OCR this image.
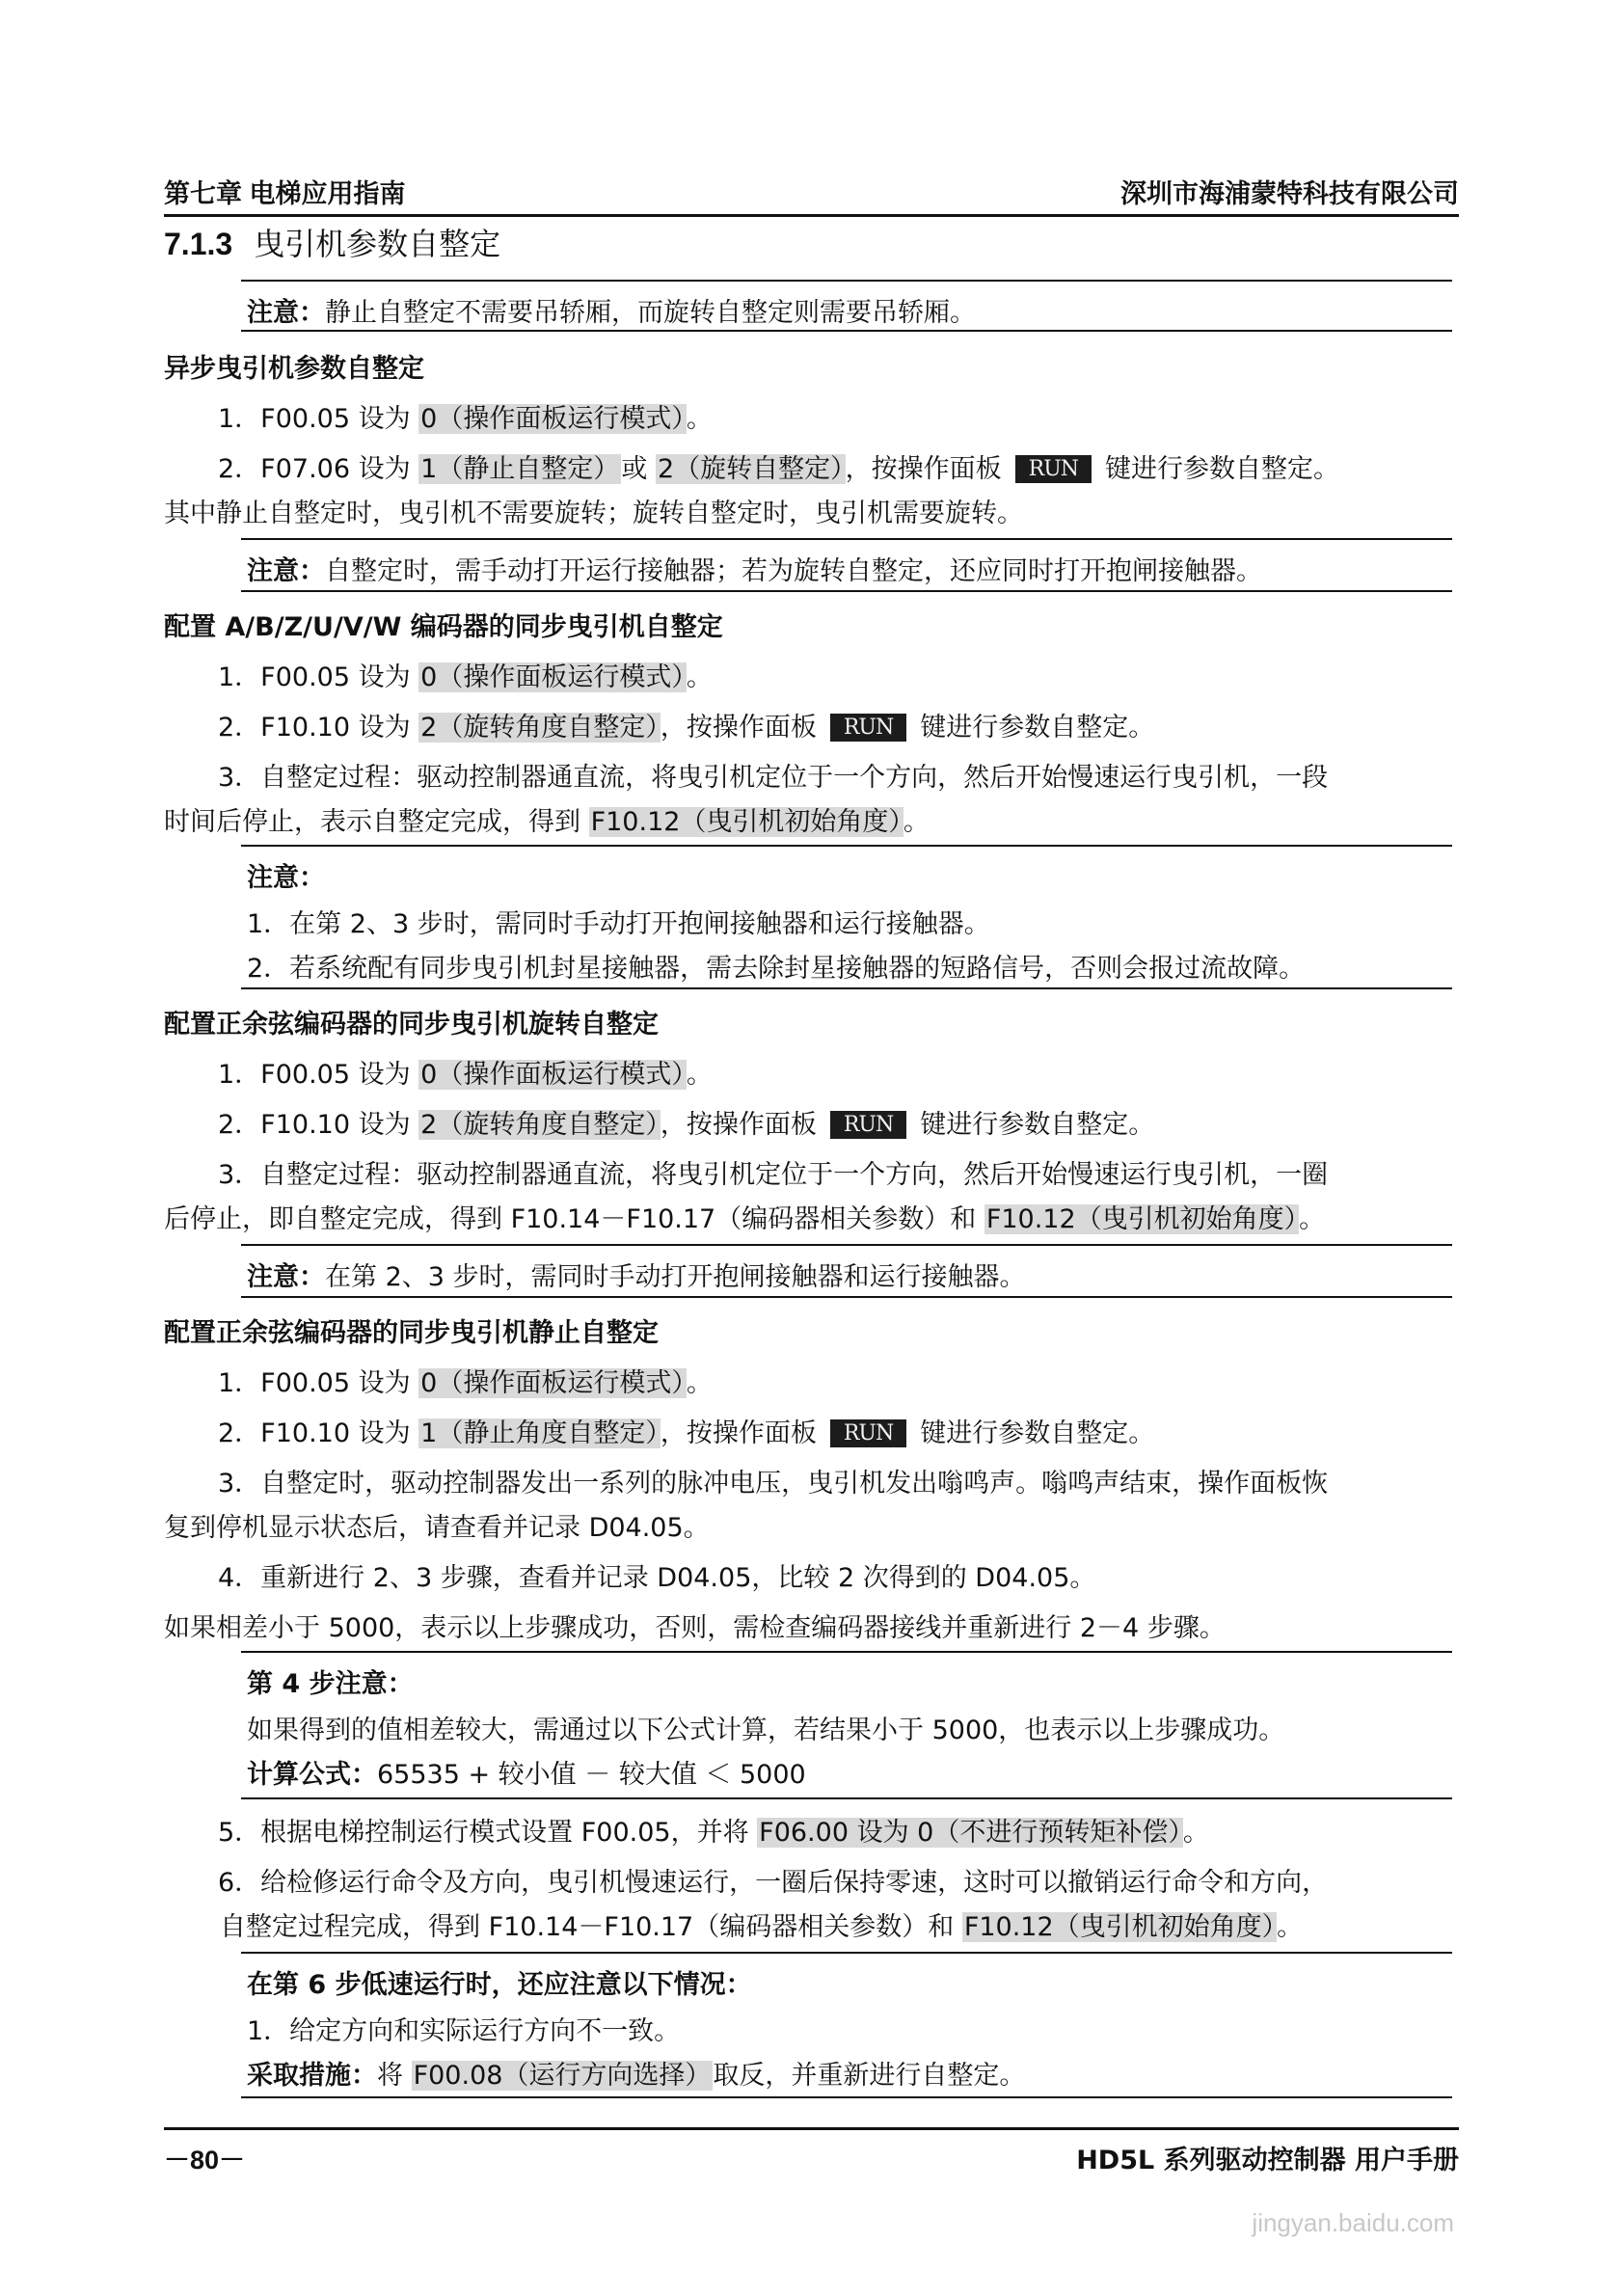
第七章 电梯应用指南	深圳市海浦蒙特科技有限公司
7.1.3 曳引机参数自整定
注意：静止自整定不需要吊轿厢，而旋转自整定则需要吊轿厢。
异步曳引机参数自整定
1．F00.05 设为 0（操作面板运行模式）。
2．F07.06 设为 1（静止自整定）或 2（旋转自整定），按操作面板 RUN 键进行参数自整定。
其中静止自整定时，曳引机不需要旋转；旋转自整定时，曳引机需要旋转。
注意：自整定时，需手动打开运行接触器；若为旋转自整定，还应同时打开抱闸接触器。
配置 A/B/Z/U/V/W 编码器的同步曳引机自整定
1．F00.05 设为 0（操作面板运行模式）。
2．F10.10 设为 2（旋转角度自整定），按操作面板 RUN 键进行参数自整定。
3．自整定过程：驱动控制器通直流，将曳引机定位于一个方向，然后开始慢速运行曳引机，一段
时间后停止，表示自整定完成，得到 F10.12（曳引机初始角度）。
注意：
1．在第 2、3 步时，需同时手动打开抱闸接触器和运行接触器。
2．若系统配有同步曳引机封星接触器，需去除封星接触器的短路信号，否则会报过流故障。
配置正余弦编码器的同步曳引机旋转自整定
1．F00.05 设为 0（操作面板运行模式）。
2．F10.10 设为 2（旋转角度自整定），按操作面板 RUN 键进行参数自整定。
3．自整定过程：驱动控制器通直流，将曳引机定位于一个方向，然后开始慢速运行曳引机，一圈
后停止，即自整定完成，得到 F10.14－F10.17（编码器相关参数）和 F10.12（曳引机初始角度）。
注意：在第 2、3 步时，需同时手动打开抱闸接触器和运行接触器。
配置正余弦编码器的同步曳引机静止自整定
1．F00.05 设为 0（操作面板运行模式）。
2．F10.10 设为 1（静止角度自整定），按操作面板 RUN 键进行参数自整定。
3．自整定时，驱动控制器发出一系列的脉冲电压，曳引机发出嗡鸣声。嗡鸣声结束，操作面板恢
复到停机显示状态后，请查看并记录 D04.05。
4．重新进行 2、3 步骤，查看并记录 D04.05，比较 2 次得到的 D04.05。
如果相差小于 5000，表示以上步骤成功，否则，需检查编码器接线并重新进行 2－4 步骤。
第 4 步注意：
如果得到的值相差较大，需通过以下公式计算，若结果小于 5000，也表示以上步骤成功。
计算公式：65535 + 较小值 － 较大值 ＜ 5000
5．根据电梯控制运行模式设置 F00.05，并将 F06.00 设为 0（不进行预转矩补偿）。
6．给检修运行命令及方向，曳引机慢速运行，一圈后保持零速，这时可以撤销运行命令和方向，
自整定过程完成，得到 F10.14－F10.17（编码器相关参数）和 F10.12（曳引机初始角度）。
在第 6 步低速运行时，还应注意以下情况：
1．给定方向和实际运行方向不一致。
采取措施：将 F00.08（运行方向选择）取反，并重新进行自整定。
－80－	HD5L 系列驱动控制器 用户手册
jingyan.baidu.com
